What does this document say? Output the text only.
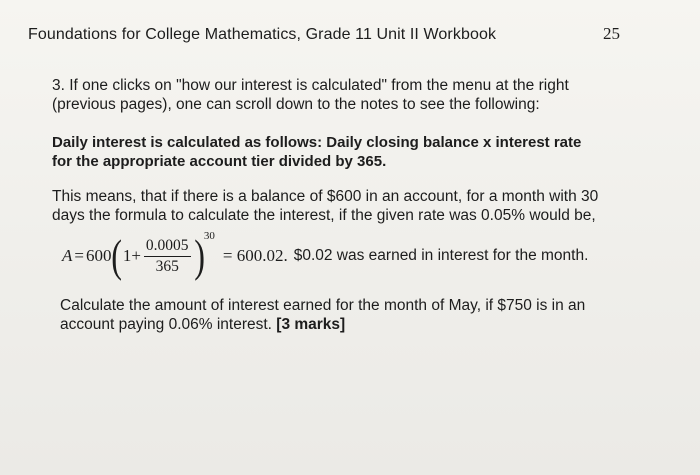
Foundations for College Mathematics, Grade 11 Unit II Workbook	25
3. If one clicks on "how our interest is calculated" from the menu at the right
(previous pages), one can scroll down to the notes to see the following:
Daily interest is calculated as follows: Daily closing balance x interest rate
for the appropriate account tier divided by 365.
This means, that if there is a balance of $600 in an account, for a month with 30
days the formula to calculate the interest, if the given rate was 0.05% would be,
A = 600 ( $1+ \frac{0.0005}{365}$ ) 30
= 600.02. $0.02 was earned in interest for the month.
Calculate the amount of interest earned for the month of May, if $750 is in an
account paying 0.06% interest. [3 marks]
